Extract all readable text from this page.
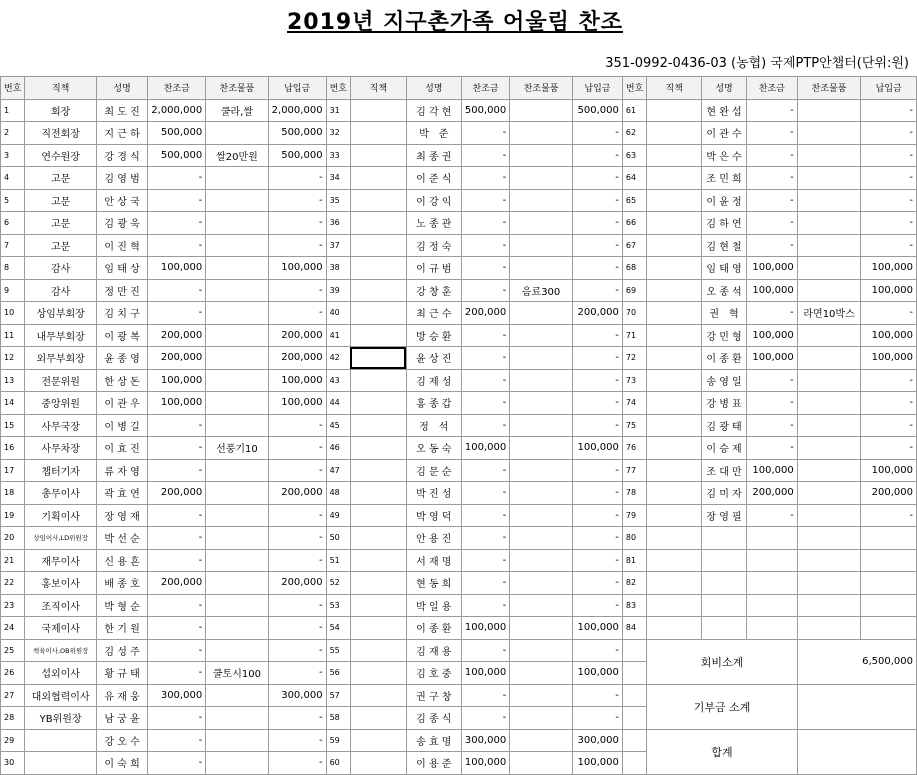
2019년 지구촌가족 어울림 찬조
351-0992-0436-03 (농협) 국제PTP안챕터(단위:원)
번호	직책	성명	찬조금	찬조물품	납입금	번호	직책	성명	찬조금	찬조물품	납입금	번호	직책	성명	찬조금	찬조물품	납입금
1	회장	최 도 진	2,000,000	쿨라,쌀	2,000,000	31		김 각 현	500,000		500,000	61		현 완 섭	-		-
2	직전회장	지 근 하	500,000		500,000	32		박　준	-		-	62		이 관 수	-		-
3	연수원장	강 경 식	500,000	쌀20만원	500,000	33		최 종 권	-		-	63		박 은 수	-		-
4	고문	김 영 범	-		-	34		이 준 식	-		-	64		조 민 희	-		-
5	고문	안 상 국	-		-	35		이 강 익	-		-	65		이 윤 정	-		-
6	고문	김 광 욱	-		-	36		노 종 관	-		-	66		김 하 연	-		-
7	고문	이 진 혁	-		-	37		김 정 숙	-		-	67		김 현 철	-		-
8	감사	임 태 상	100,000		100,000	38		이 규 범	-		-	68		임 태 영	100,000		100,000
9	감사	정 만 진	-		-	39		강 창 훈	-	음료300	-	69		오 종 석	100,000		100,000
10	상임부회장	김 치 구	-		-	40		최 근 수	200,000		200,000	70		권　혁	-	라면10박스	-
11	내무부회장	이 광 복	200,000		200,000	41		방 승 환	-		-	71		강 민 형	100,000		100,000
12	외무부회장	윤 종 영	200,000		200,000	42		윤 상 진	-		-	72		이 종 환	100,000		100,000
13	전문위원	한 상 돈	100,000		100,000	43		김 제 성	-		-	73		송 영 일	-		-
14	중앙위원	이 관 우	100,000		100,000	44		홍 종 갑	-		-	74		강 병 표	-		-
15	사무국장	이 병 길	-		-	45		정　석	-		-	75		김 광 태	-		-
16	사무차장	이 효 진	-	선풍기10	-	46		오 동 숙	100,000		100,000	76		이 승 제	-		-
17	챕터기자	류 자 영	-		-	47		김 문 순	-		-	77		조 대 만	100,000		100,000
18	총무이사	곽 효 연	200,000		200,000	48		박 진 성	-		-	78		김 미 자	200,000		200,000
19	기획이사	장 영 재	-		-	49		박 영 덕	-		-	79		장 영 필	-		-
20	상임이사,LD위원장	박 선 순	-		-	50		안 용 진	-		-	80					
21	재무이사	신 용 흔	-		-	51		서 재 명	-		-	81					
22	홍보이사	배 종 호	200,000		200,000	52		현 동 희	-		-	82					
23	조직이사	박 형 순	-		-	53		박 일 용	-		-	83					
24	국제이사	한 기 원	-		-	54		이 종 환	100,000		100,000	84					
25	책육이사,OB위원장	김 성 주	-		-	55		김 재 용	-		-		회비소계			6,500,000	
26	섭외이사	황 규 태	-	쿨토시100	-	56		김 호 중	100,000		100,000						
27	대외협력이사	유 재 웅	300,000		300,000	57		권 구 창	-		-		기부금 소계				
28	YB위원장	남 궁 윤	-		-	58		김 종 식	-		-						
29		강 오 수	-		-	59		송 효 명	300,000		300,000		합계				
30		이 숙 희	-		-	60		이 용 준	100,000		100,000						
